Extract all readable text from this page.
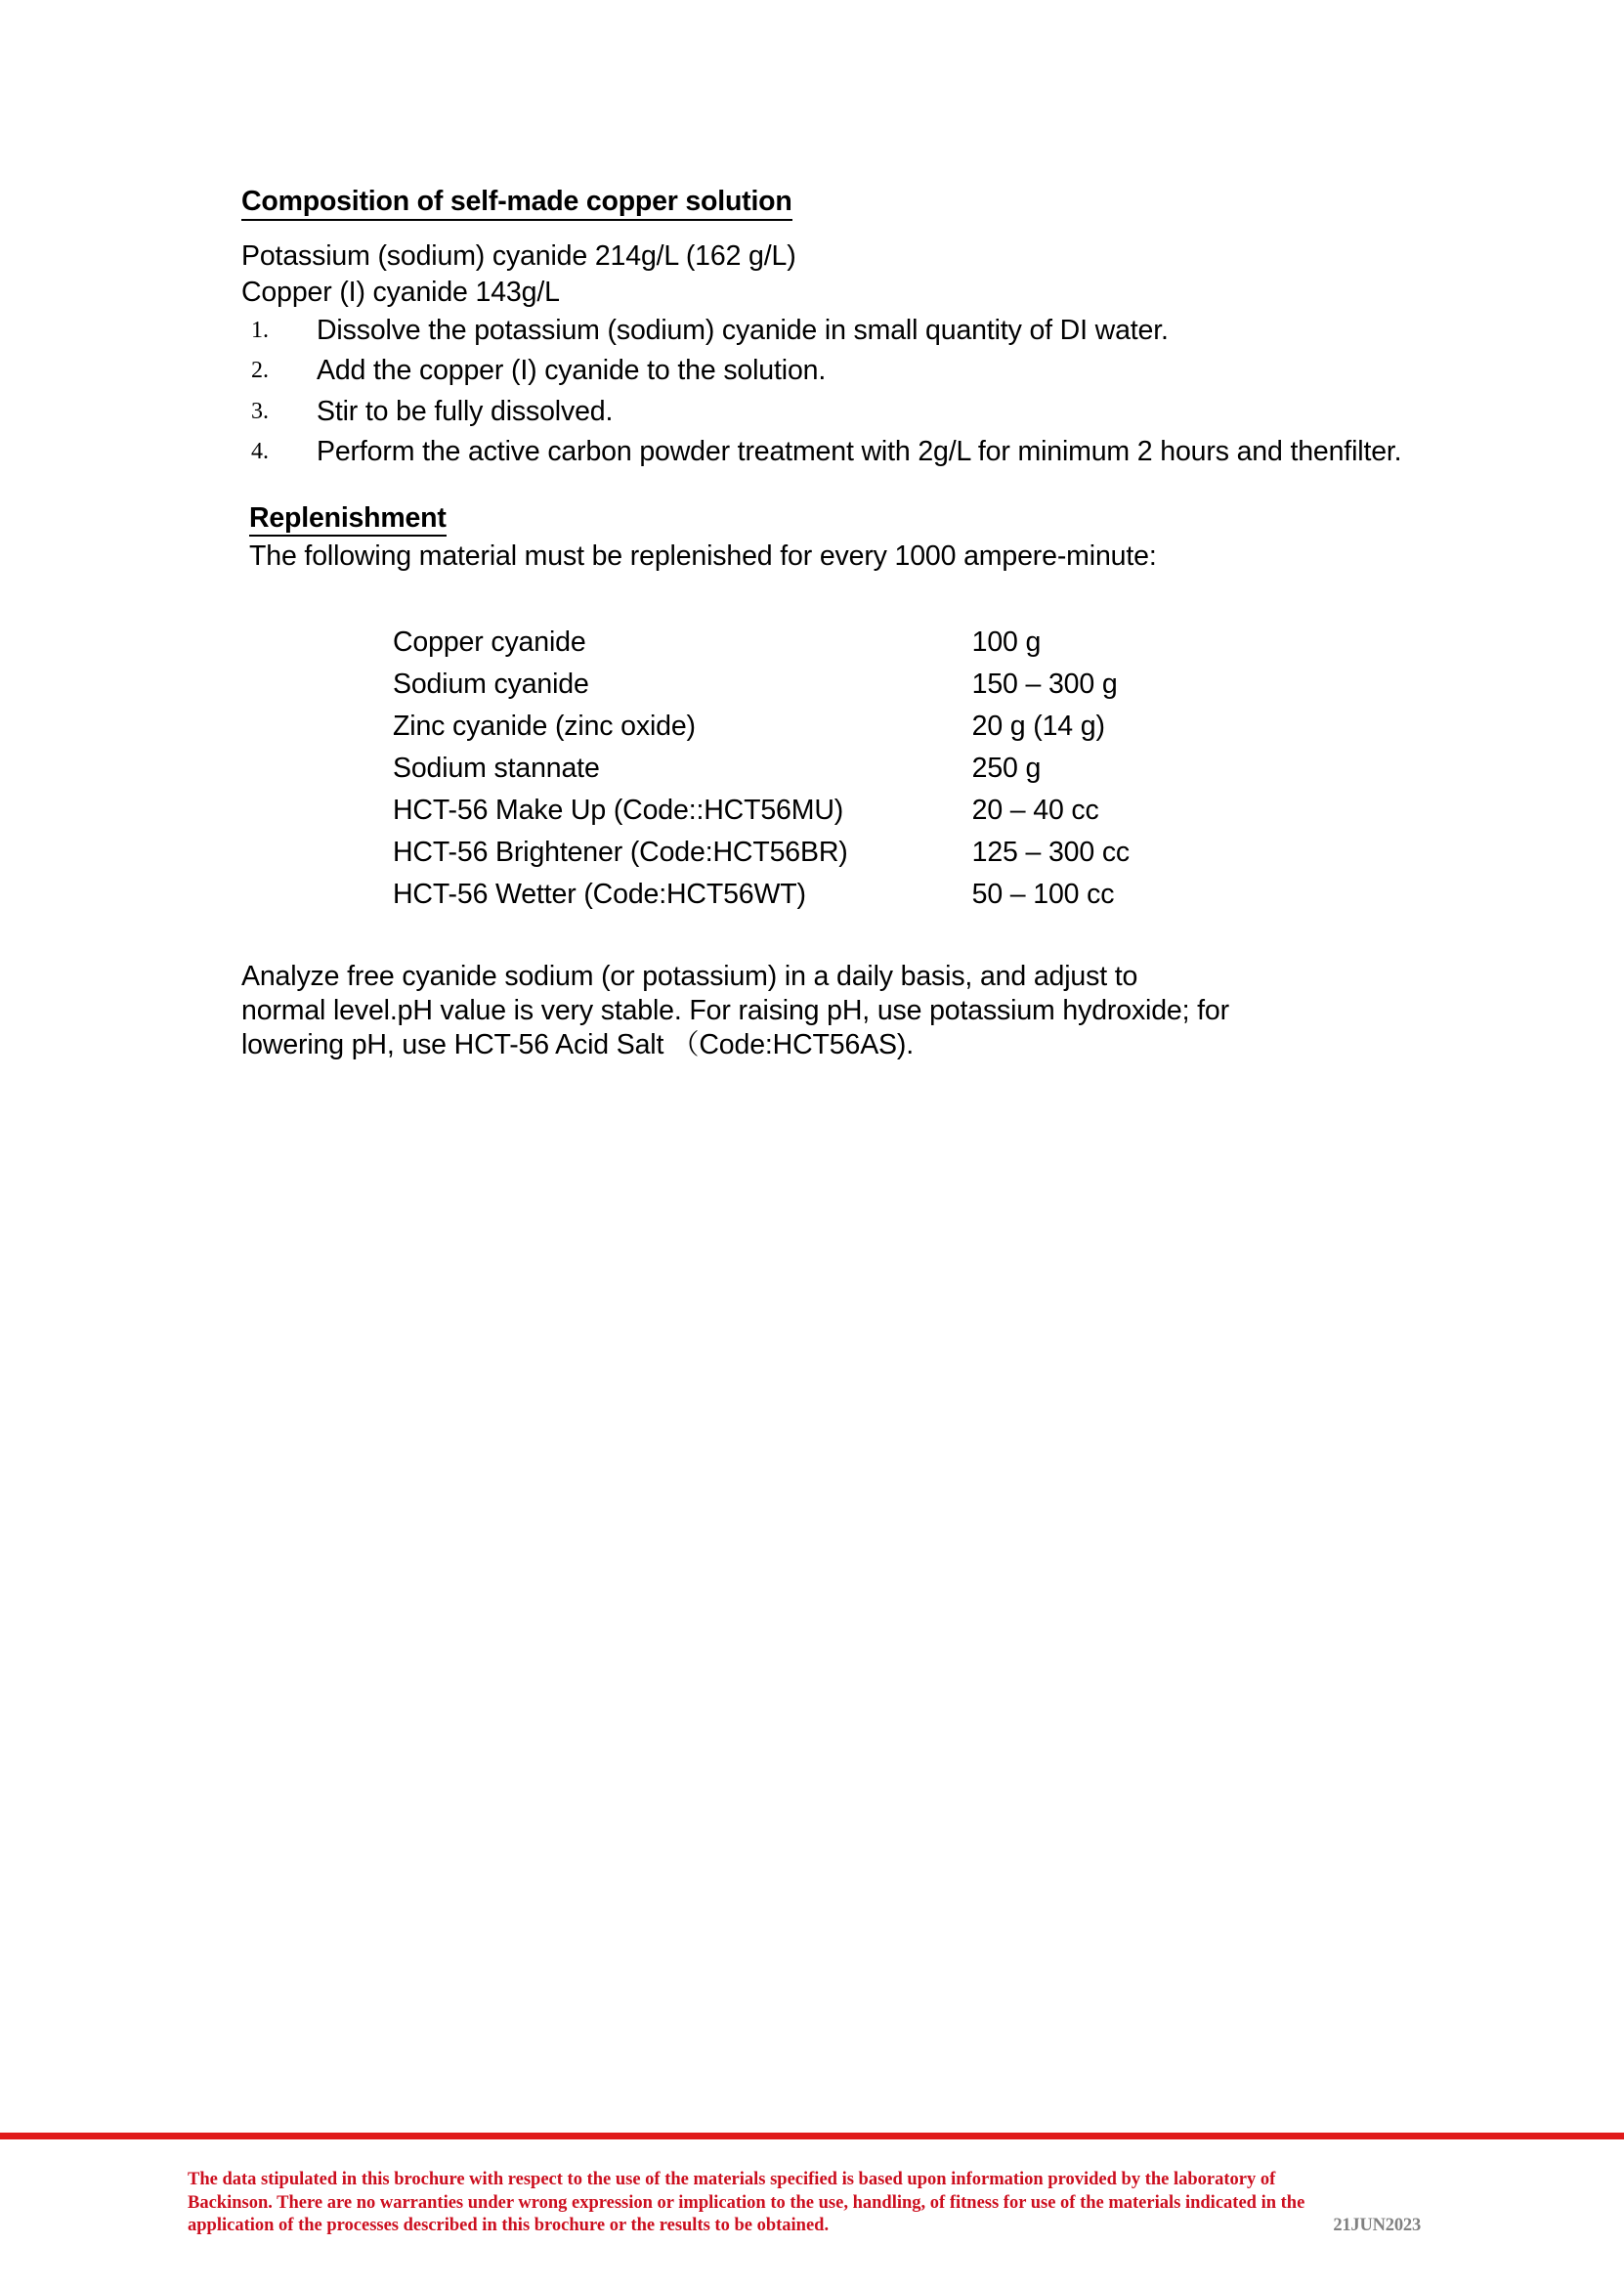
Composition of self-made copper solution

Potassium (sodium) cyanide 214g/L (162 g/L)

Copper (I) cyanide 143g/L

1. Dissolve the potassium (sodium) cyanide in small quantity of DI water.
2. Add the copper (I) cyanide to the solution.
3. Stir to be fully dissolved.
4. Perform the active carbon powder treatment with 2g/L for minimum 2 hours and thenfilter.
Replenishment

The following material must be replenished for every 1000 ampere-minute:

Copper cyanide	100 g
Sodium cyanide	150 – 300 g
Zinc cyanide (zinc oxide)	20 g (14 g)
Sodium stannate	250 g
HCT-56 Make Up (Code::HCT56MU)	20 – 40 cc
HCT-56 Brightener (Code:HCT56BR)	125 – 300 cc
HCT-56 Wetter (Code:HCT56WT)	50 – 100 cc
Analyze free cyanide sodium (or potassium) in a daily basis, and adjust to
normal level.pH value is very stable. For raising pH, use potassium hydroxide; for
lowering pH, use HCT-56 Acid Salt （Code:HCT56AS).
The data stipulated in this brochure with respect to the use of the materials specified is based upon information provided by the laboratory of
Backinson. There are no warranties under wrong expression or implication to the use, handling, of fitness for use of the materials indicated in the
application of the processes described in this brochure or the results to be obtained.	21JUN2023
